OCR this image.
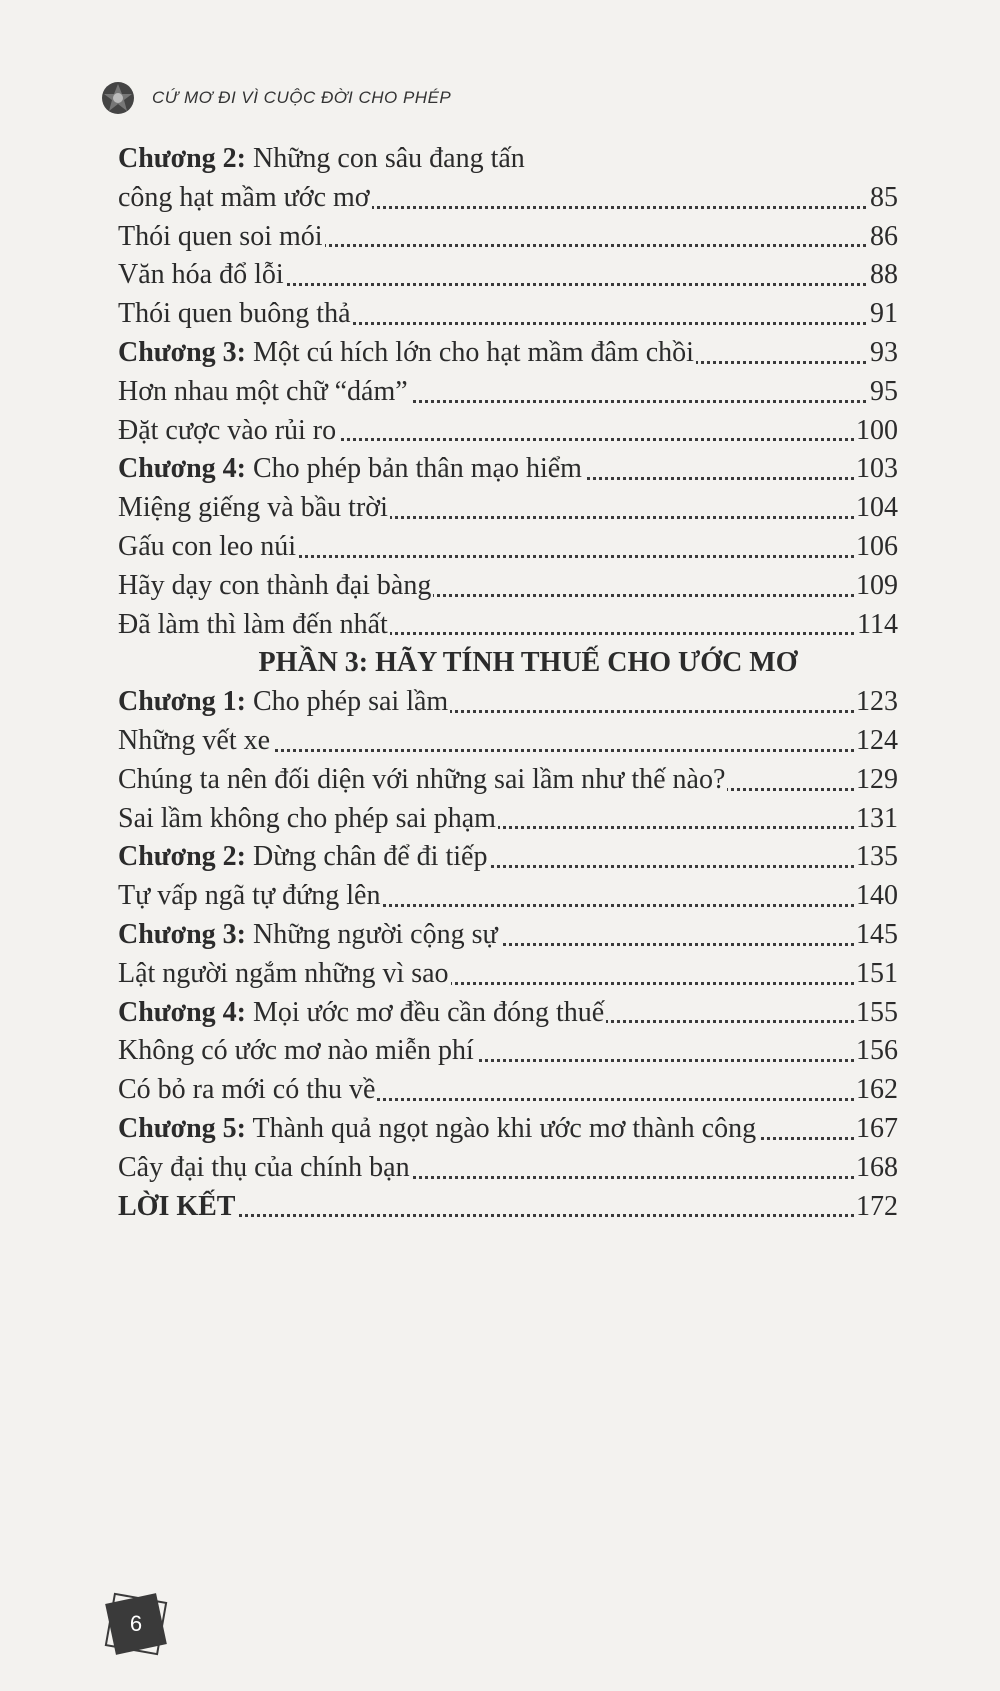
CỨ MƠ ĐI VÌ CUỘC ĐỜI CHO PHÉP
Chương 2: Những con sâu đang tấn
công hạt mầm ước mơ	85
Thói quen soi mói	86
Văn hóa đổ lỗi	88
Thói quen buông thả	91
Chương 3: Một cú hích lớn cho hạt mầm đâm chồi	93
Hơn nhau một chữ “dám”	95
Đặt cược vào rủi ro	100
Chương 4: Cho phép bản thân mạo hiểm	103
Miệng giếng và bầu trời	104
Gấu con leo núi	106
Hãy dạy con thành đại bàng	109
Đã làm thì làm đến nhất	114
PHẦN 3: HÃY TÍNH THUẾ CHO ƯỚC MƠ
Chương 1: Cho phép sai lầm	123
Những vết xe	124
Chúng ta nên đối diện với những sai lầm như thế nào?	129
Sai lầm không cho phép sai phạm	131
Chương 2: Dừng chân để đi tiếp	135
Tự vấp ngã tự đứng lên	140
Chương 3: Những người cộng sự	145
Lật người ngắm những vì sao	151
Chương 4: Mọi ước mơ đều cần đóng thuế	155
Không có ước mơ nào miễn phí	156
Có bỏ ra mới có thu về	162
Chương 5: Thành quả ngọt ngào khi ước mơ thành công	167
Cây đại thụ của chính bạn	168
LỜI KẾT	172
6
